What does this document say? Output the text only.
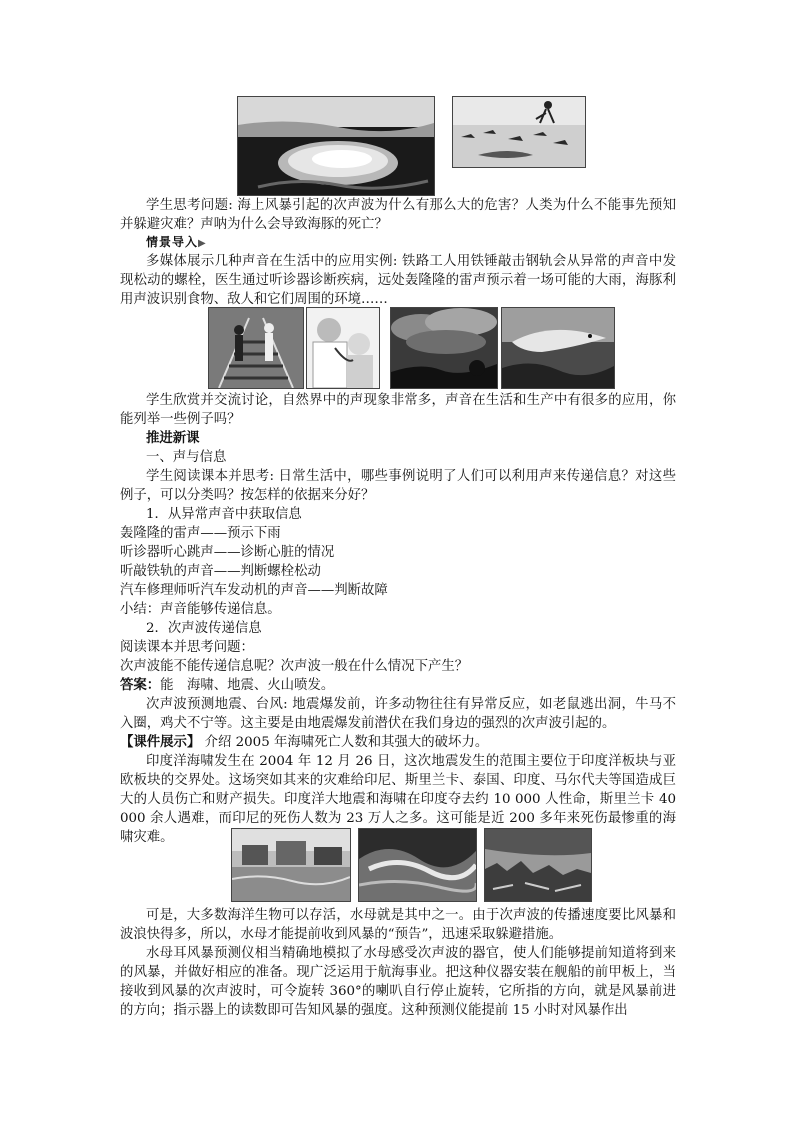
学生思考问题: 海上风暴引起的次声波为什么有那么大的危害？人类为什么不能事先预知并躲避灾难？声呐为什么会导致海豚的死亡？

情景导入▶

多媒体展示几种声音在生活中的应用实例: 铁路工人用铁锤敲击钢轨会从异常的声音中发现松动的螺栓，医生通过听诊器诊断疾病，远处轰隆隆的雷声预示着一场可能的大雨，海豚利用声波识别食物、敌人和它们周围的环境……

学生欣赏并交流讨论，自然界中的声现象非常多，声音在生活和生产中有很多的应用，你能列举一些例子吗？

推进新课

一、声与信息

学生阅读课本并思考: 日常生活中，哪些事例说明了人们可以利用声来传递信息？对这些例子，可以分类吗？按怎样的依据来分好？

1．从异常声音中获取信息

轰隆隆的雷声——预示下雨

听诊器听心跳声——诊断心脏的情况

听敲铁轨的声音——判断螺栓松动

汽车修理师听汽车发动机的声音——判断故障

小结：声音能够传递信息。

2．次声波传递信息

阅读课本并思考问题：

次声波能不能传递信息呢？次声波一般在什么情况下产生？

答案：能　海啸、地震、火山喷发。

次声波预测地震、台风: 地震爆发前，许多动物往往有异常反应，如老鼠逃出洞，牛马不入圈，鸡犬不宁等。这主要是由地震爆发前潜伏在我们身边的强烈的次声波引起的。

【课件展示】 介绍 2005 年海啸死亡人数和其强大的破坏力。

印度洋海啸发生在 2004 年 12 月 26 日，这次地震发生的范围主要位于印度洋板块与亚欧板块的交界处。这场突如其来的灾难给印尼、斯里兰卡、泰国、印度、马尔代夫等国造成巨大的人员伤亡和财产损失。印度洋大地震和海啸在印度夺去约 10 000 人性命，斯里兰卡 40 000 余人遇难，而印尼的死伤人数为 23 万人之多。这可能是近 200 多年来死伤最惨重的海啸灾难。

可是，大多数海洋生物可以存活，水母就是其中之一。由于次声波的传播速度要比风暴和波浪快得多，所以，水母才能提前收到风暴的“预告”，迅速采取躲避措施。

水母耳风暴预测仪相当精确地模拟了水母感受次声波的器官，使人们能够提前知道将到来的风暴，并做好相应的准备。现广泛运用于航海事业。把这种仪器安装在舰船的前甲板上，当接收到风暴的次声波时，可令旋转 360°的喇叭自行停止旋转，它所指的方向，就是风暴前进的方向；指示器上的读数即可告知风暴的强度。这种预测仪能提前 15 小时对风暴作出
